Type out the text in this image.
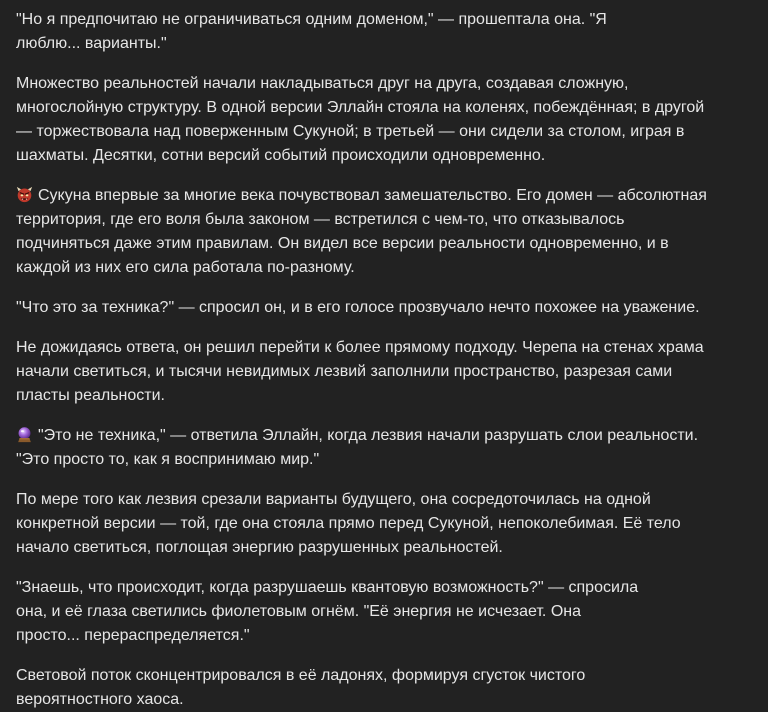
"Но я предпочитаю не ограничиваться одним доменом," — прошептала она. "Я
люблю... варианты."

Множество реальностей начали накладываться друг на друга, создавая сложную,
многослойную структуру. В одной версии Эллайн стояла на коленях, побеждённая; в другой
— торжествовала над поверженным Сукуной; в третьей — они сидели за столом, играя в
шахматы. Десятки, сотни версий событий происходили одновременно.

Сукуна впервые за многие века почувствовал замешательство. Его домен — абсолютная
территория, где его воля была законом — встретился с чем-то, что отказывалось
подчиняться даже этим правилам. Он видел все версии реальности одновременно, и в
каждой из них его сила работала по-разному.

"Что это за техника?" — спросил он, и в его голосе прозвучало нечто похожее на уважение.

Не дожидаясь ответа, он решил перейти к более прямому подходу. Черепа на стенах храма
начали светиться, и тысячи невидимых лезвий заполнили пространство, разрезая сами
пласты реальности.

"Это не техника," — ответила Эллайн, когда лезвия начали разрушать слои реальности.
"Это просто то, как я воспринимаю мир."

По мере того как лезвия срезали варианты будущего, она сосредоточилась на одной
конкретной версии — той, где она стояла прямо перед Сукуной, непоколебимая. Её тело
начало светиться, поглощая энергию разрушенных реальностей.

"Знаешь, что происходит, когда разрушаешь квантовую возможность?" — спросила
она, и её глаза светились фиолетовым огнём. "Её энергия не исчезает. Она
просто... перераспределяется."

Световой поток сконцентрировался в её ладонях, формируя сгусток чистого
вероятностного хаоса.
